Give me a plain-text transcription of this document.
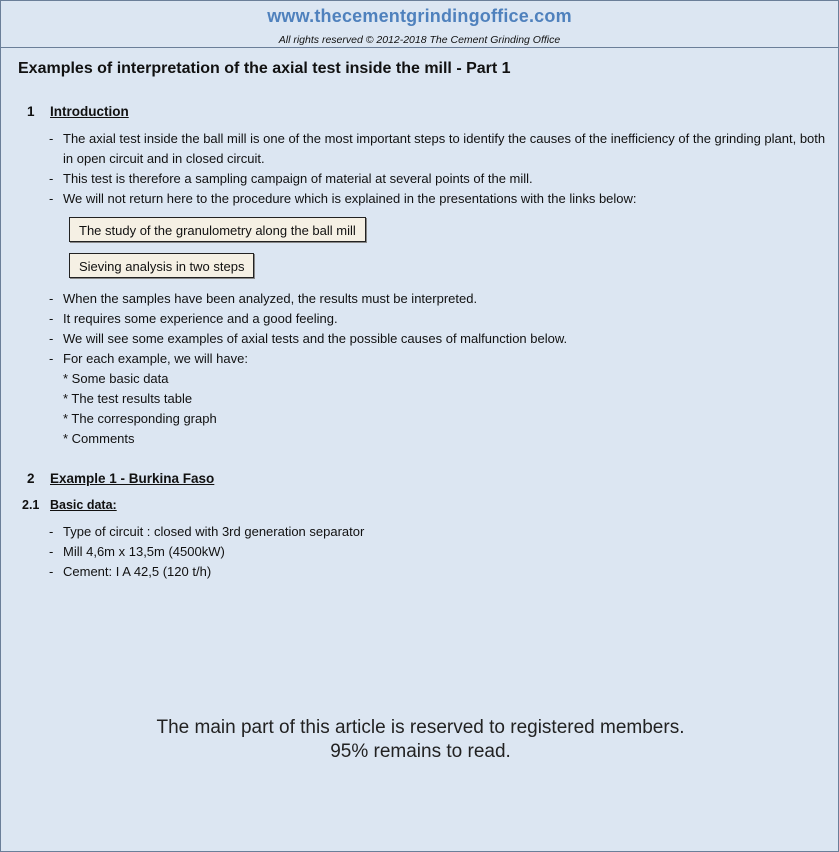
www.thecementgrindingoffice.com
All rights reserved © 2012-2018 The Cement Grinding Office
Examples of interpretation of the axial test inside the mill - Part 1
1 Introduction
- The axial test inside the ball mill is one of the most important steps to identify the causes of the inefficiency of the grinding plant, both in open circuit and in closed circuit.
- This test is therefore a sampling campaign of material at several points of the mill.
- We will not return here to the procedure which is explained in the presentations with the links below:
The study of the granulometry along the ball mill
Sieving analysis in two steps
- When the samples have been analyzed, the results must be interpreted.
- It requires some experience and a good feeling.
- We will see some examples of axial tests and the possible causes of malfunction below.
- For each example, we will have:
* Some basic data
* The test results table
* The corresponding graph
* Comments
2 Example 1 - Burkina Faso
2.1 Basic data:
- Type of circuit : closed with 3rd generation separator
- Mill 4,6m x 13,5m (4500kW)
- Cement: I A 42,5 (120 t/h)
The main part of this article is reserved to registered members.
95% remains to read.
